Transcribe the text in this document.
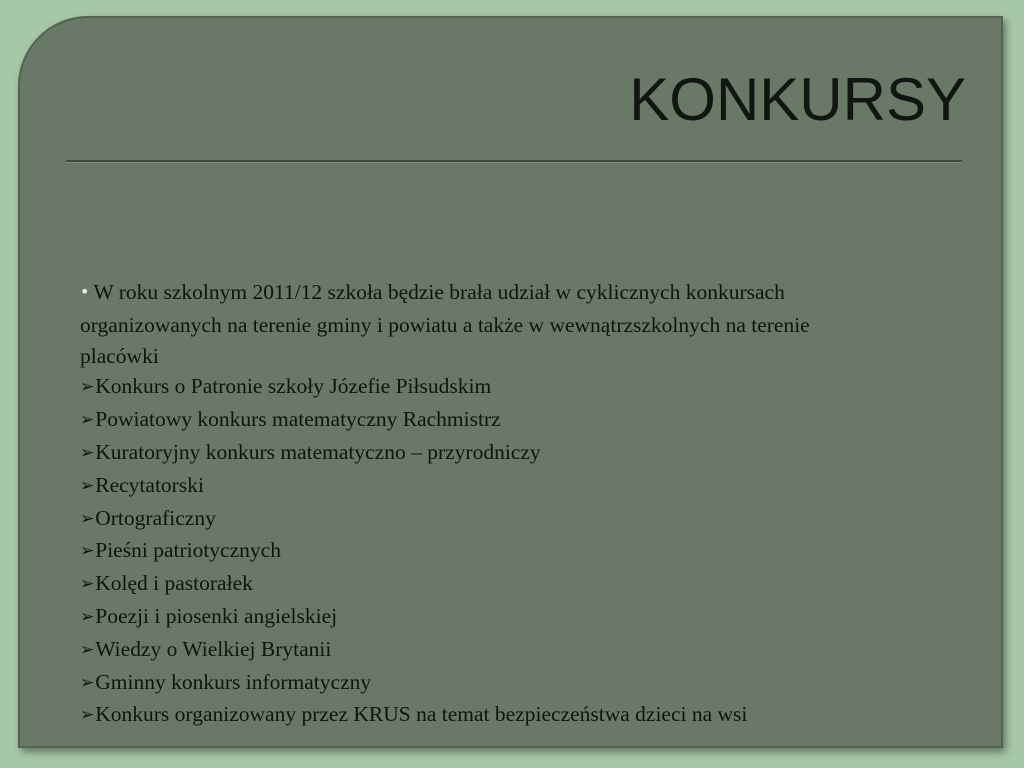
KONKURSY

• W roku szkolnym 2011/12 szkoła będzie brała udział w cyklicznych konkursach organizowanych na terenie gminy i powiatu a także w wewnątrzszkolnych na terenie placówki

➢Konkurs o Patronie szkoły Józefie Piłsudskim
➢Powiatowy konkurs matematyczny Rachmistrz
➢Kuratoryjny konkurs matematyczno – przyrodniczy
➢Recytatorski
➢Ortograficzny
➢Pieśni patriotycznych
➢Kolęd i pastorałek
➢Poezji i piosenki angielskiej
➢Wiedzy o Wielkiej Brytanii
➢Gminny konkurs informatyczny
➢Konkurs organizowany przez KRUS na temat bezpieczeństwa dzieci na wsi
